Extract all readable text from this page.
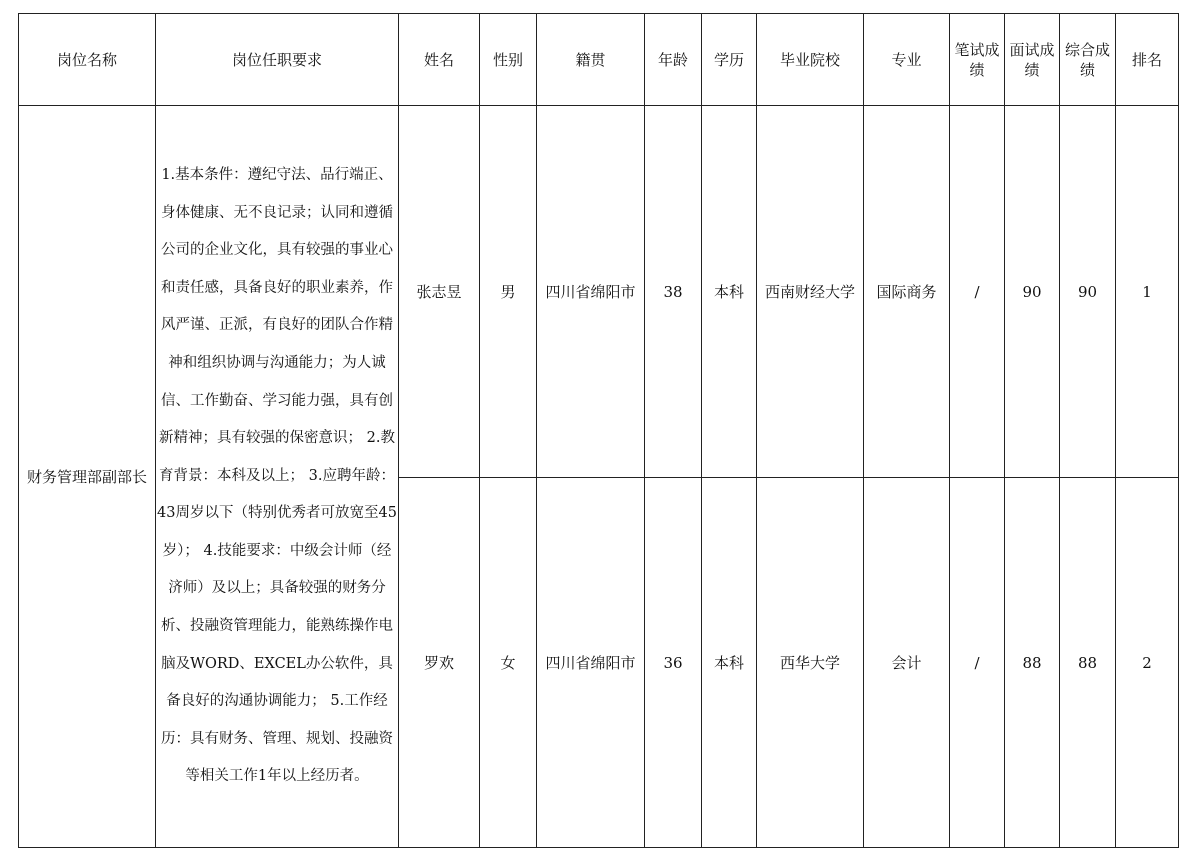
岗位名称	岗位任职要求	姓名	性别	籍贯	年龄	学历	毕业院校	专业	笔试成绩	面试成绩	综合成绩	排名
财务管理部副部长	1.基本条件：遵纪守法、品行端正、身体健康、无不良记录；认同和遵循公司的企业文化，具有较强的事业心和责任感，具备良好的职业素养，作风严谨、正派，有良好的团队合作精神和组织协调与沟通能力；为人诚信、工作勤奋、学习能力强，具有创新精神；具有较强的保密意识； 2.教育背景：本科及以上； 3.应聘年龄：43周岁以下（特别优秀者可放宽至45岁）； 4.技能要求：中级会计师（经济师）及以上；具备较强的财务分析、投融资管理能力，能熟练操作电脑及WORD、EXCEL办公软件，具备良好的沟通协调能力； 5.工作经历：具有财务、管理、规划、投融资等相关工作1年以上经历者。	张志昱	男	四川省绵阳市	38	本科	西南财经大学	国际商务	/	90	90	1
		罗欢	女	四川省绵阳市	36	本科	西华大学	会计	/	88	88	2
